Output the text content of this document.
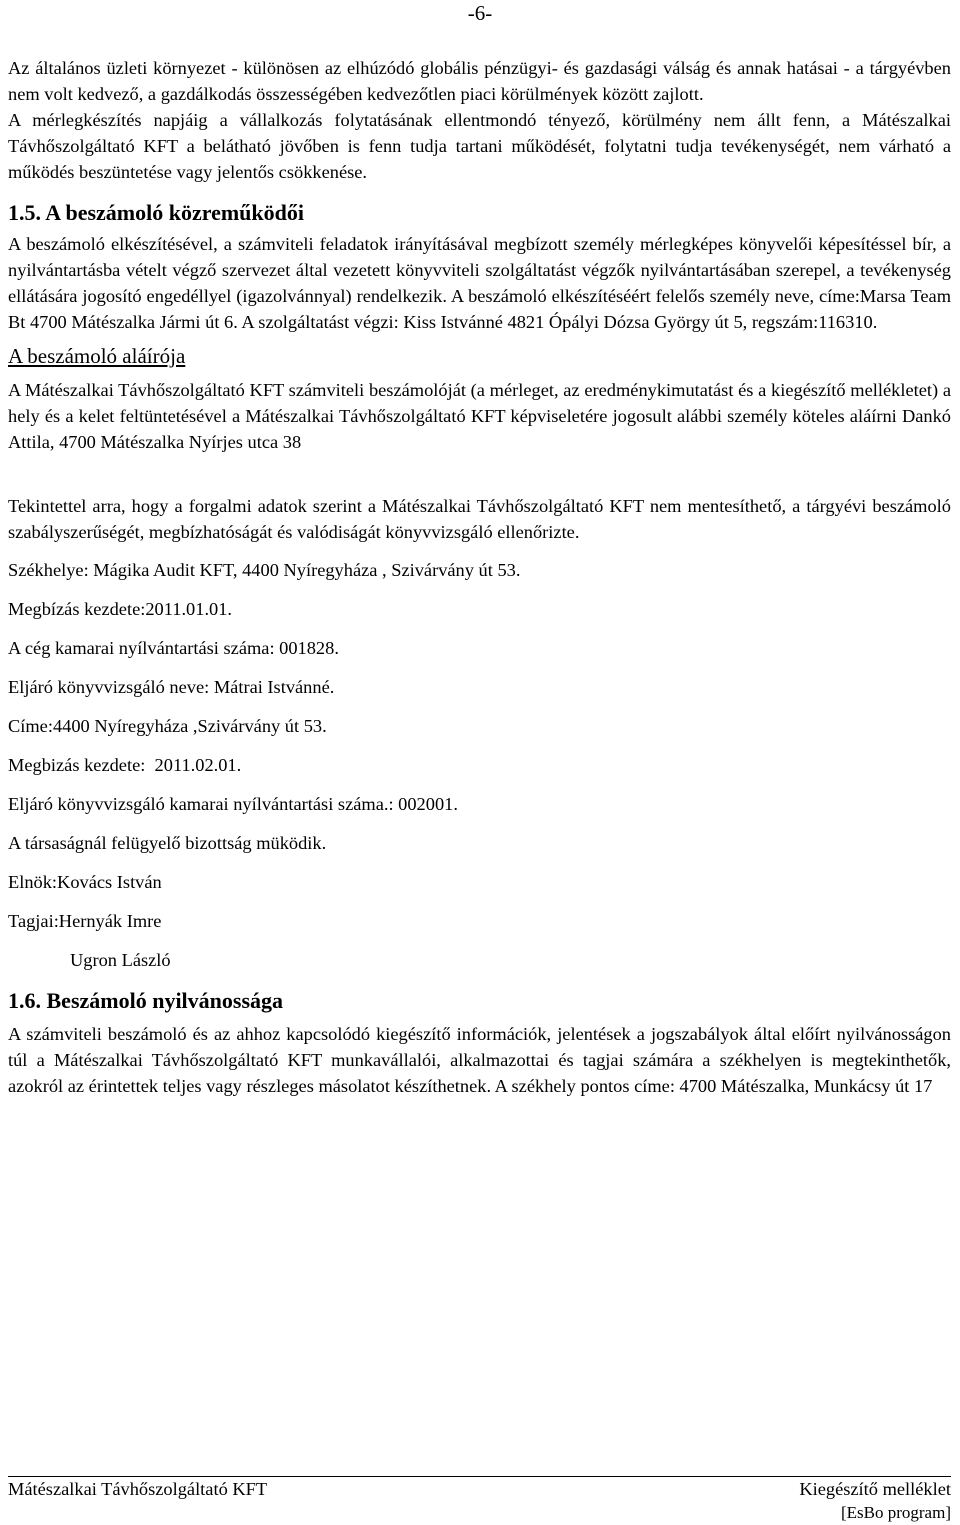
-6-

Az általános üzleti környezet - különösen az elhúzódó globális pénzügyi- és gazdasági válság és annak hatásai - a tárgyévben nem volt kedvező, a gazdálkodás összességében kedvezőtlen piaci körülmények között zajlott.

A mérlegkészítés napjáig a vállalkozás folytatásának ellentmondó tényező, körülmény nem állt fenn, a Mátészalkai Távhőszolgáltató KFT a belátható jövőben is fenn tudja tartani működését, folytatni tudja tevékenységét, nem várható a működés beszüntetése vagy jelentős csökkenése.

1.5. A beszámoló közreműködői

A beszámoló elkészítésével, a számviteli feladatok irányításával megbízott személy mérlegképes könyvelői képesítéssel bír, a nyilvántartásba vételt végző szervezet által vezetett könyvviteli szolgáltatást végzők nyilvántartásában szerepel, a tevékenység ellátására jogosító engedéllyel (igazolvánnyal) rendelkezik. A beszámoló elkészítéséért felelős személy neve, címe:Marsa Team Bt 4700 Mátészalka Jármi út 6. A szolgáltatást végzi: Kiss Istvánné 4821 Ópályi Dózsa György út 5, regszám:116310.

A beszámoló aláírója

A Mátészalkai Távhőszolgáltató KFT számviteli beszámolóját (a mérleget, az eredménykimutatást és a kiegészítő mellékletet) a hely és a kelet feltüntetésével a Mátészalkai Távhőszolgáltató KFT képviseletére jogosult alábbi személy köteles aláírni Dankó Attila, 4700 Mátészalka Nyírjes utca 38

Tekintettel arra, hogy a forgalmi adatok szerint a Mátészalkai Távhőszolgáltató KFT nem mentesíthető, a tárgyévi beszámoló szabályszerűségét, megbízhatóságát és valódiságát könyvvizsgáló ellenőrizte.

Székhelye: Mágika Audit KFT, 4400 Nyíregyháza , Szivárvány út 53.

Megbízás kezdete:2011.01.01.

A cég kamarai nyílvántartási száma: 001828.

Eljáró könyvvizsgáló neve: Mátrai Istvánné.

Címe:4400 Nyíregyháza ,Szivárvány út 53.

Megbizás kezdete:  2011.02.01.

Eljáró könyvvizsgáló kamarai nyílvántartási száma.: 002001.

A társaságnál felügyelő bizottság müködik.

Elnök:Kovács István

Tagjai:Hernyák Imre

Ugron László

1.6. Beszámoló nyilvánossága

A számviteli beszámoló és az ahhoz kapcsolódó kiegészítő információk, jelentések a jogszabályok által előírt nyilvánosságon túl a Mátészalkai Távhőszolgáltató KFT munkavállalói, alkalmazottai és tagjai számára a székhelyen is megtekinthetők, azokról az érintettek teljes vagy részleges másolatot készíthetnek. A székhely pontos címe: 4700 Mátészalka, Munkácsy út 17

Mátészalkai Távhőszolgáltató KFT	Kiegészítő melléklet
[EsBo program]
